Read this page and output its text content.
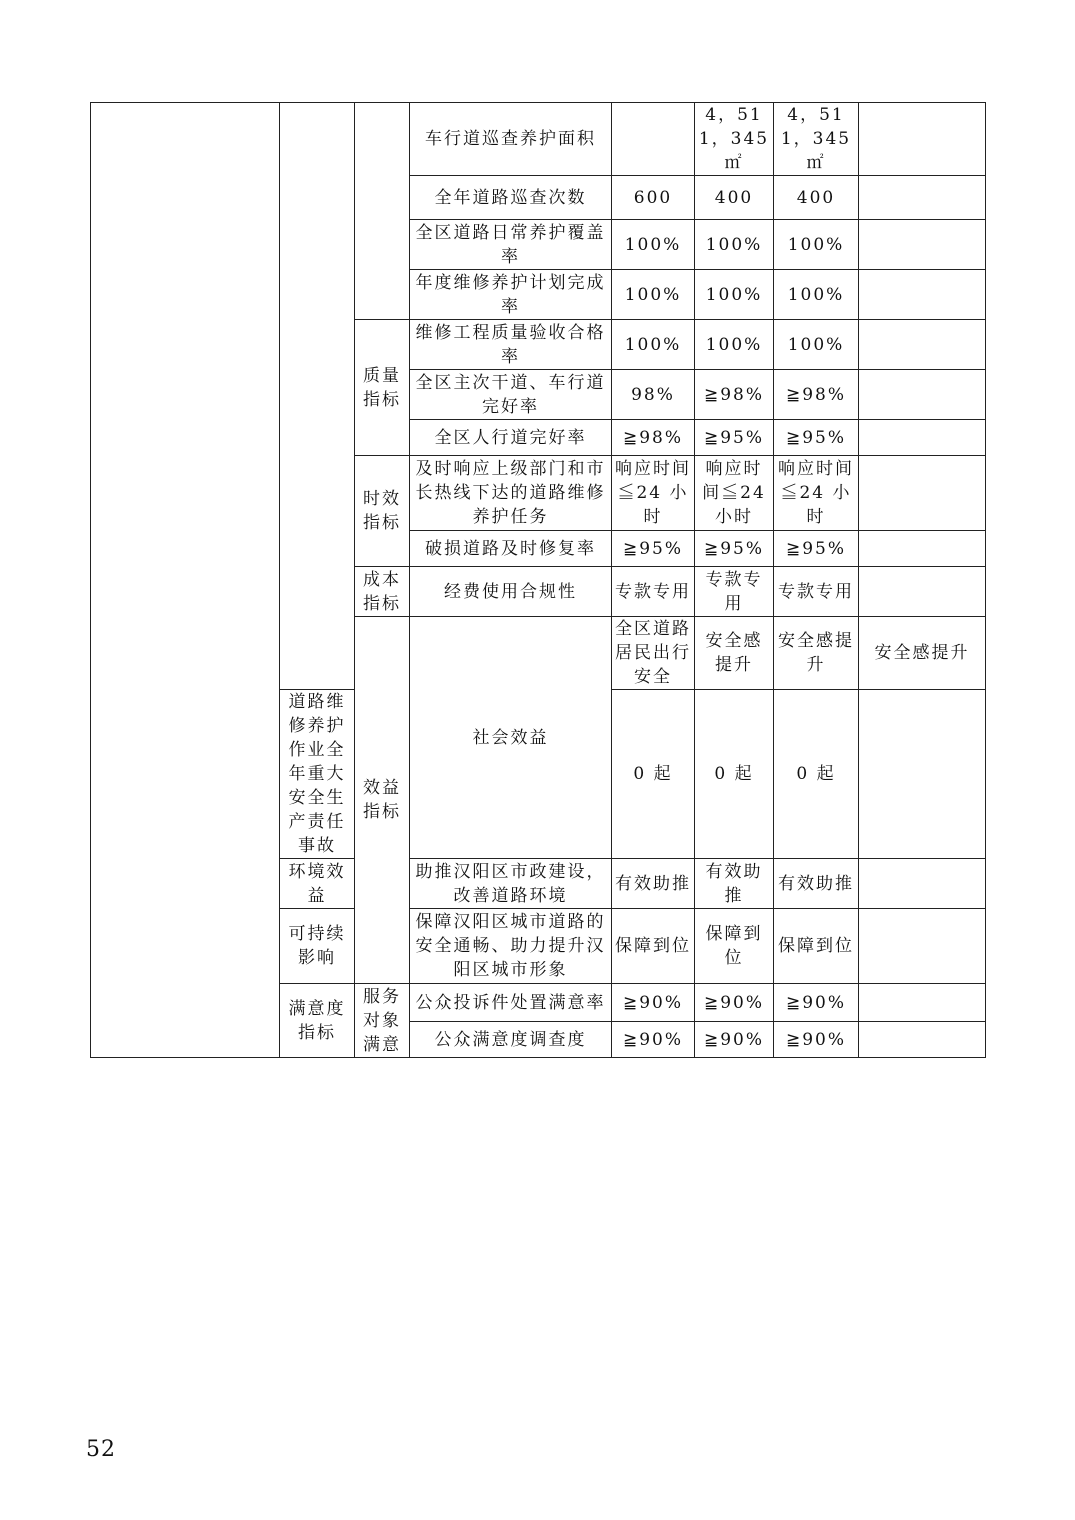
			车行道巡查养护面积		4，511，345 ㎡	4，511，345 ㎡		
			全年道路巡查次数	600	400	400		
			全区道路日常养护覆盖率	100%	100%	100%		
			年度维修养护计划完成率	100%	100%	100%		
		质量指标	维修工程质量验收合格率	100%	100%	100%		
			全区主次干道、车行道完好率	98%	≧98%	≧98%		
			全区人行道完好率	≧98%	≧95%	≧95%		
		时效指标	及时响应上级部门和市长热线下达的道路维修养护任务	响应时间≦24 小时	响应时间≦24 小时	响应时间≦24 小时		
			破损道路及时修复率	≧95%	≧95%	≧95%		
		成本指标	经费使用合规性	专款专用	专款专用	专款专用		
		效益指标	社会效益	全区道路居民出行安全	安全感提升	安全感提升	安全感提升	
	道路维修养护作业全年重大安全生产责任事故			0 起	0 起	0 起		
	环境效益		助推汉阳区市政建设，改善道路环境	有效助推	有效助推	有效助推		
	可持续影响		保障汉阳区城市道路的安全通畅、助力提升汉阳区城市形象	保障到位	保障到位	保障到位		
	满意度指标	服务对象满意	公众投诉件处置满意率	≧90%	≧90%	≧90%		
			公众满意度调查度	≧90%	≧90%	≧90%		
52
